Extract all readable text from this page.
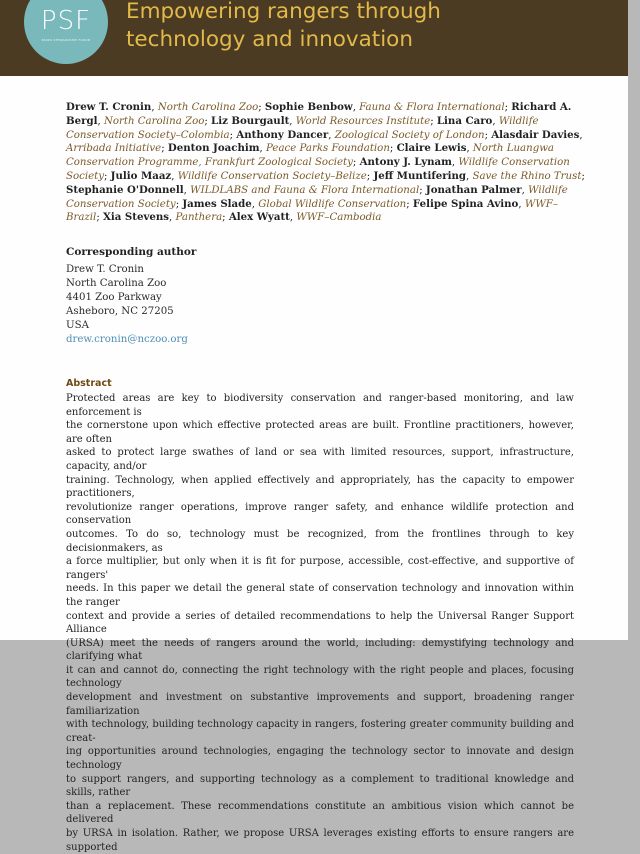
PSF
PARKS STEWARDSHIP FORUM
Empowering rangers through
technology and innovation
Drew T. Cronin, North Carolina Zoo; Sophie Benbow, Fauna & Flora International; Richard A. Bergl, North Carolina Zoo; Liz Bourgault, World Resources Institute; Lina Caro, Wildlife Conservation Society–Colombia; Anthony Dancer, Zoological Society of London; Alasdair Davies, Arribada Initiative; Denton Joachim, Peace Parks Foundation; Claire Lewis, North Luangwa Conservation Programme, Frankfurt Zoological Society; Antony J. Lynam, Wildlife Conservation Society; Julio Maaz, Wildlife Conservation Society–Belize; Jeff Muntifering, Save the Rhino Trust; Stephanie O'Donnell, WILDLABS and Fauna & Flora International; Jonathan Palmer, Wildlife Conservation Society; James Slade, Global Wildlife Conservation; Felipe Spina Avino, WWF–Brazil; Xia Stevens, Panthera; Alex Wyatt, WWF–Cambodia
Corresponding author
Drew T. Cronin
North Carolina Zoo
4401 Zoo Parkway
Asheboro, NC 27205
USA
drew.cronin@nczoo.org
Abstract
Protected areas are key to biodiversity conservation and ranger-based monitoring, and law enforcement is
the cornerstone upon which effective protected areas are built. Frontline practitioners, however, are often
asked to protect large swathes of land or sea with limited resources, support, infrastructure, capacity, and/or
training. Technology, when applied effectively and appropriately, has the capacity to empower practitioners,
revolutionize ranger operations, improve ranger safety, and enhance wildlife protection and conservation
outcomes. To do so, technology must be recognized, from the frontlines through to key decisionmakers, as
a force multiplier, but only when it is fit for purpose, accessible, cost-effective, and supportive of rangers'
needs. In this paper we detail the general state of conservation technology and innovation within the ranger
context and provide a series of detailed recommendations to help the Universal Ranger Support Alliance
(URSA) meet the needs of rangers around the world, including: demystifying technology and clarifying what
it can and cannot do, connecting the right technology with the right people and places, focusing technology
development and investment on substantive improvements and support, broadening ranger familiarization
with technology, building technology capacity in rangers, fostering greater community building and creat-
ing opportunities around technologies, engaging the technology sector to innovate and design technology
to support rangers, and supporting technology as a complement to traditional knowledge and skills, rather
than a replacement. These recommendations constitute an ambitious vision which cannot be delivered
by URSA in isolation. Rather, we propose URSA leverages existing efforts to ensure rangers are supported
